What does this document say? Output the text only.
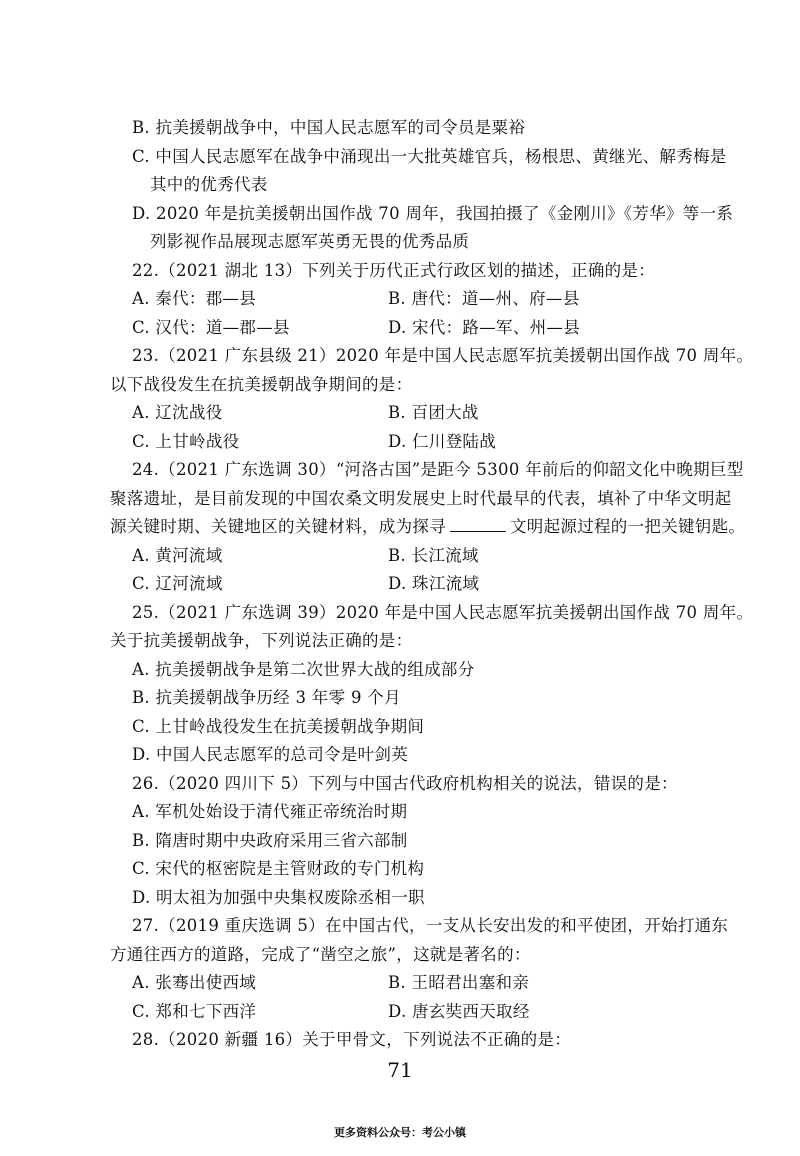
B. 抗美援朝战争中，中国人民志愿军的司令员是粟裕
C. 中国人民志愿军在战争中涌现出一大批英雄官兵，杨根思、黄继光、解秀梅是
其中的优秀代表
D. 2020 年是抗美援朝出国作战 70 周年，我国拍摄了《金刚川》《芳华》等一系
列影视作品展现志愿军英勇无畏的优秀品质
22.（2021 湖北 13）下列关于历代正式行政区划的描述，正确的是：
A. 秦代：郡—县	B. 唐代：道—州、府—县
C. 汉代：道—郡—县	D. 宋代：路—军、州—县
23.（2021 广东县级 21）2020 年是中国人民志愿军抗美援朝出国作战 70 周年。
以下战役发生在抗美援朝战争期间的是：
A. 辽沈战役	B. 百团大战
C. 上甘岭战役	D. 仁川登陆战
24.（2021 广东选调 30）“河洛古国”是距今 5300 年前后的仰韶文化中晚期巨型
聚落遗址，是目前发现的中国农桑文明发展史上时代最早的代表，填补了中华文明起
源关键时期、关键地区的关键材料，成为探寻	文明起源过程的一把关键钥匙。
A. 黄河流域	B. 长江流域
C. 辽河流域	D. 珠江流域
25.（2021 广东选调 39）2020 年是中国人民志愿军抗美援朝出国作战 70 周年。
关于抗美援朝战争，下列说法正确的是：
A. 抗美援朝战争是第二次世界大战的组成部分
B. 抗美援朝战争历经 3 年零 9 个月
C. 上甘岭战役发生在抗美援朝战争期间
D. 中国人民志愿军的总司令是叶剑英
26.（2020 四川下 5）下列与中国古代政府机构相关的说法，错误的是：
A. 军机处始设于清代雍正帝统治时期
B. 隋唐时期中央政府采用三省六部制
C. 宋代的枢密院是主管财政的专门机构
D. 明太祖为加强中央集权废除丞相一职
27.（2019 重庆选调 5）在中国古代，一支从长安出发的和平使团，开始打通东
方通往西方的道路，完成了“凿空之旅”，这就是著名的：
A. 张骞出使西域	B. 王昭君出塞和亲
C. 郑和七下西洋	D. 唐玄奘西天取经
28.（2020 新疆 16）关于甲骨文，下列说法不正确的是：
71
更多资料公众号：考公小镇
